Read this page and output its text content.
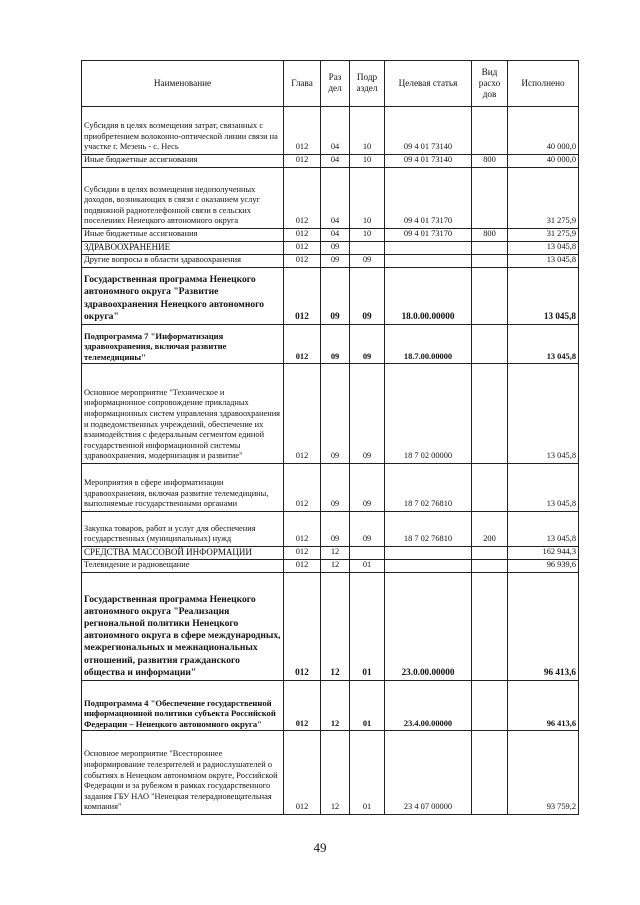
Наименование	Глава	Раз дел	Подр аздел	Целевая статья	Вид расхо дов	Исполнено
Субсидия в целях возмещения затрат, связанных с приобретением волоконно-оптической линии связи на участке г. Мезень - с. Несь	012	04	10	09 4 01 73140		40 000,0
Иные бюджетные ассигнования	012	04	10	09 4 01 73140	800	40 000,0
Субсидии в целях возмещения недополученных доходов, возникающих в связи с оказанием услуг подвижной радиотелефонной связи в сельских поселениях Ненецкого автономного округа	012	04	10	09 4 01 73170		31 275,9
Иные бюджетные ассигнования	012	04	10	09 4 01 73170	800	31 275,9
ЗДРАВООХРАНЕНИЕ	012	09				13 045,8
Другие вопросы в области здравоохранения	012	09	09			13 045,8
Государственная программа Ненецкого автономного округа "Развитие здравоохранения Ненецкого автономного округа"	012	09	09	18.0.00.00000		13 045,8
Подпрограмма 7 "Информатизация здравоохранения, включая развитие телемедицины"	012	09	09	18.7.00.00000		13 045,8
Основное мероприятие "Техническое и информационное сопровождение прикладных информационных систем управления здравоохранения и подведомственных учреждений, обеспечение их взаимодействия с федеральным сегментом единой государственной информационной системы здравоохранения, модернизация и развитие"	012	09	09	18 7 02 00000		13 045,8
Мероприятия в сфере информатизации здравоохранения, включая развитие телемедицины, выполняемые государственными органами	012	09	09	18 7 02 76810		13 045,8
Закупка товаров, работ и услуг для обеспечения государственных (муниципальных) нужд	012	09	09	18 7 02 76810	200	13 045,8
СРЕДСТВА МАССОВОЙ ИНФОРМАЦИИ	012	12				162 944,3
Телевидение и радиовещание	012	12	01			96 939,6
Государственная программа Ненецкого автономного округа "Реализация региональной политики Ненецкого автономного округа в сфере международных, межрегиональных и межнациональных отношений, развития гражданского общества и информации"	012	12	01	23.0.00.00000		96 413,6
Подпрограмма 4 "Обеспечение государственной информационной политики субъекта Российской Федерации – Ненецкого автономного округа"	012	12	01	23.4.00.00000		96 413,6
Основное мероприятие "Всестороннее информирование телезрителей и радиослушателей о событиях в Ненецком автономном округе, Российской Федерации и за рубежом в рамках государственного задания ГБУ НАО "Ненецкая телерадиовещательная компания"	012	12	01	23 4 07 00000		93 759,2
49
